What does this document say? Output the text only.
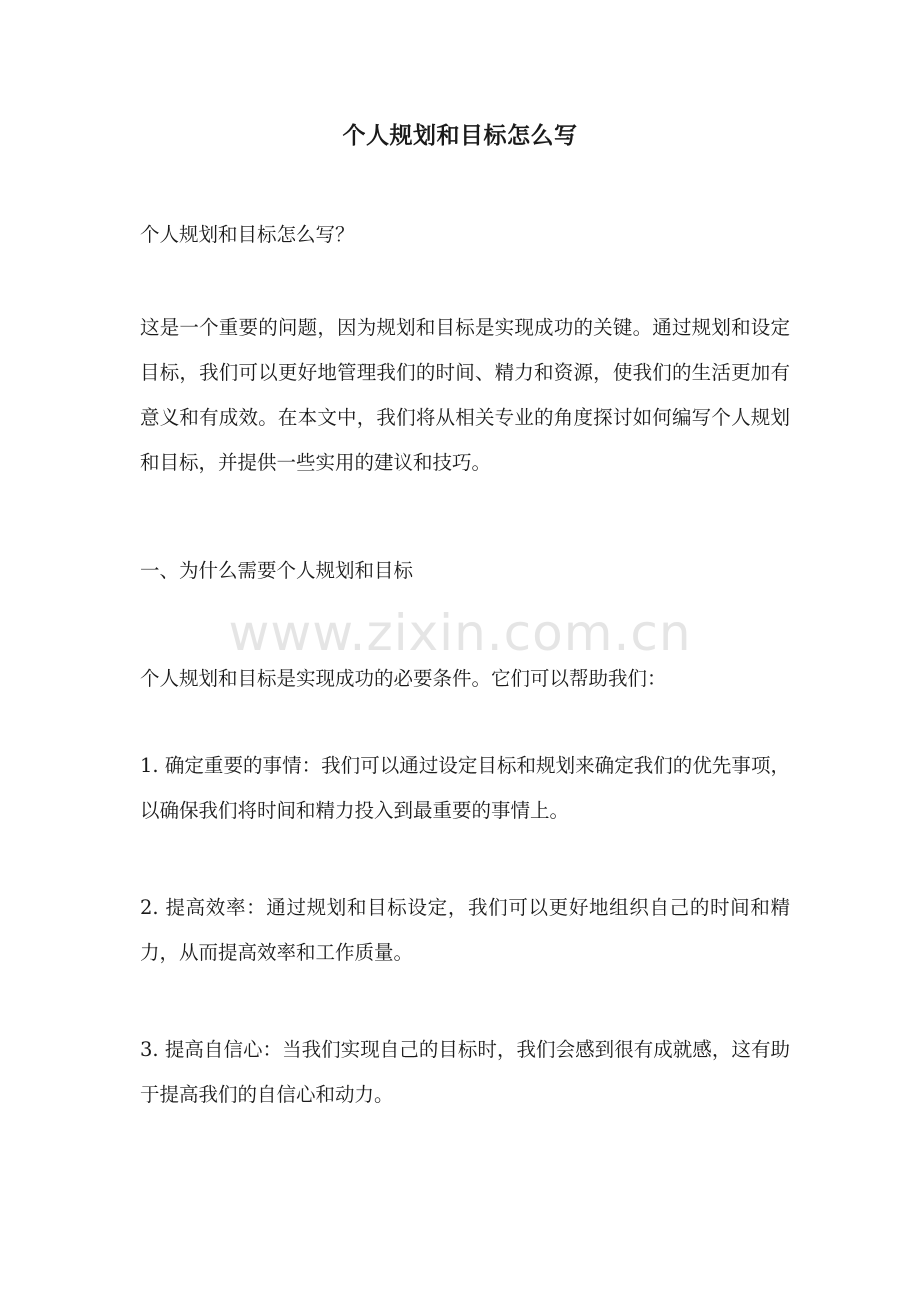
个人规划和目标怎么写

个人规划和目标怎么写？

这是一个重要的问题，因为规划和目标是实现成功的关键。通过规划和设定目标，我们可以更好地管理我们的时间、精力和资源，使我们的生活更加有意义和有成效。在本文中，我们将从相关专业的角度探讨如何编写个人规划和目标，并提供一些实用的建议和技巧。

一、为什么需要个人规划和目标

个人规划和目标是实现成功的必要条件。它们可以帮助我们：

1. 确定重要的事情：我们可以通过设定目标和规划来确定我们的优先事项，以确保我们将时间和精力投入到最重要的事情上。

2. 提高效率：通过规划和目标设定，我们可以更好地组织自己的时间和精力，从而提高效率和工作质量。

3. 提高自信心：当我们实现自己的目标时，我们会感到很有成就感，这有助于提高我们的自信心和动力。

www.zixin.com.cn
